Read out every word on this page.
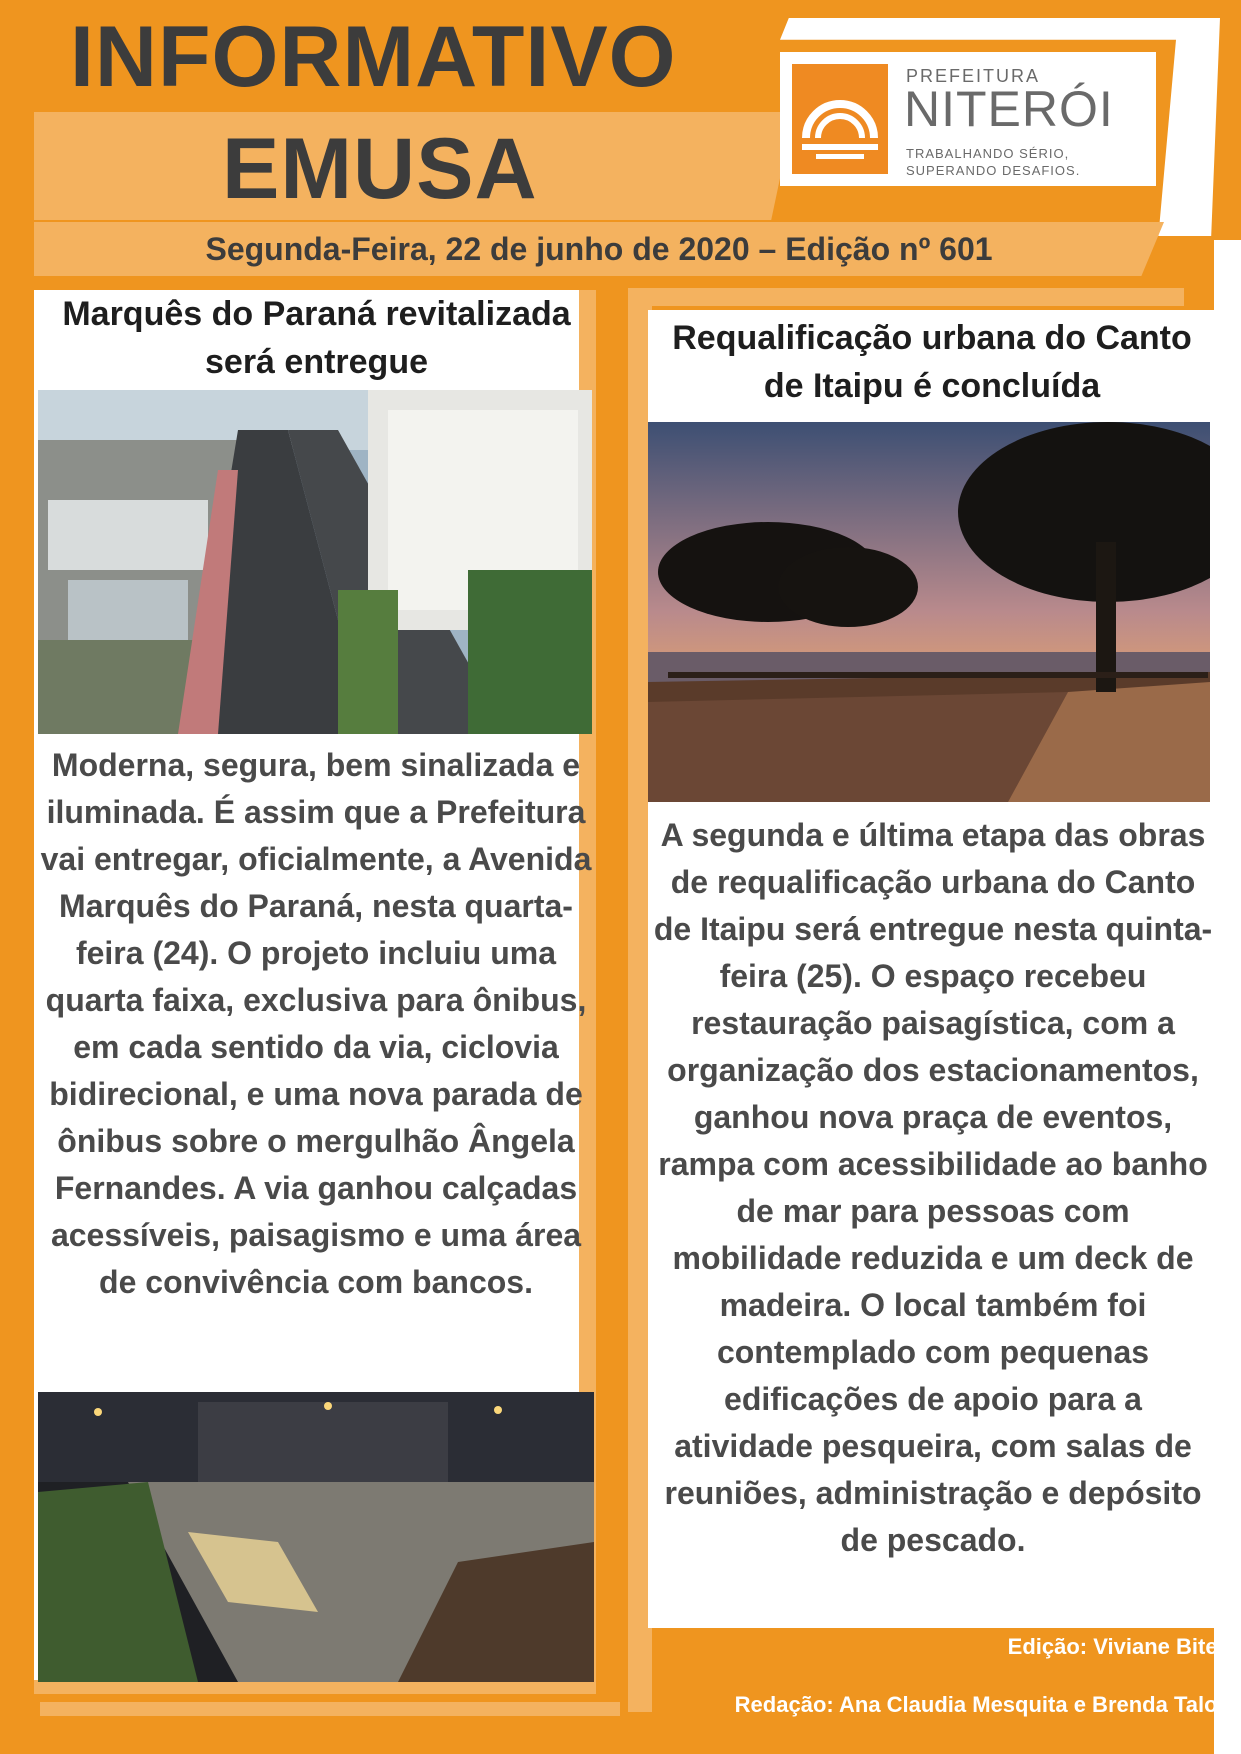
INFORMATIVO
EMUSA
PREFEITURA
NITERÓI
TRABALHANDO SÉRIO,
SUPERANDO DESAFIOS.
Segunda-Feira, 22 de junho de 2020 – Edição nº 601
Marquês do Paraná revitalizada será entregue
Moderna, segura, bem sinalizada e iluminada. É assim que a Prefeitura vai entregar, oficialmente, a Avenida Marquês do Paraná, nesta quarta-feira (24). O projeto incluiu uma quarta faixa, exclusiva para ônibus, em cada sentido da via, ciclovia bidirecional, e uma nova parada de ônibus sobre o mergulhão Ângela Fernandes. A via ganhou calçadas acessíveis, paisagismo e uma área de convivência com bancos.
Requalificação urbana do Canto de Itaipu é concluída
A segunda e última etapa das obras de requalificação urbana do Canto de Itaipu será entregue nesta quinta-feira (25). O espaço recebeu restauração paisagística, com a organização dos estacionamentos, ganhou nova praça de eventos, rampa com acessibilidade ao banho de mar para pessoas com mobilidade reduzida e um deck de madeira. O local também foi contemplado com pequenas edificações de apoio para a atividade pesqueira, com salas de reuniões, administração e depósito de pescado.
Edição: Viviane Biteti
Redação: Ana Claudia Mesquita e Brenda Talon
